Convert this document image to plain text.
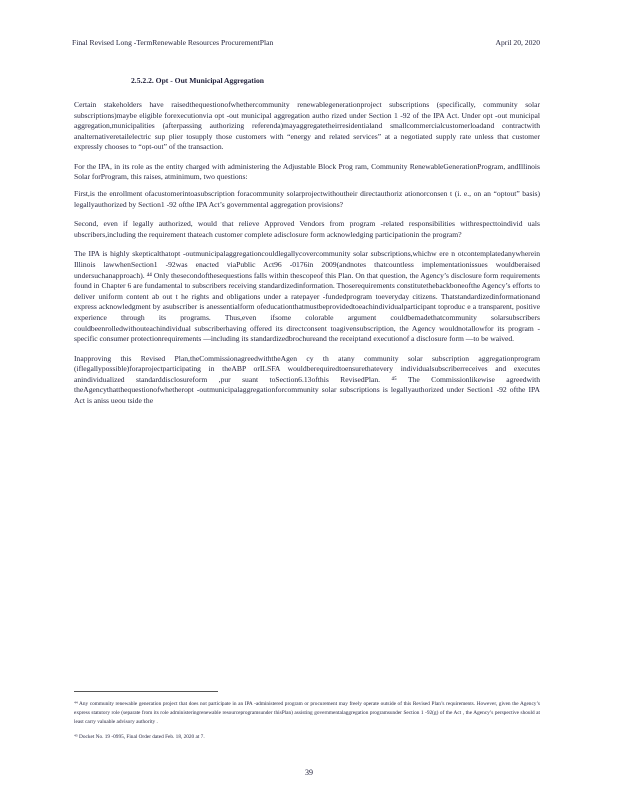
Final Revised Long -TermRenewable Resources ProcurementPlan	April 20, 2020
2.5.2.2. Opt - Out Municipal Aggregation

Certain stakeholders have raisedthequestionofwhethercommunity renewablegenerationproject subscriptions (specifically, community solar subscriptions)maybe eligible forexecutionvia opt -out municipal aggregation autho rized under Section 1 -92 of the IPA Act. Under opt -out municipal aggregation,municipalities (afterpassing authorizing referenda)mayaggregatetheirresidentialand smallcommercialcustomerloadand contractwith analternativeretailelectric sup plier tosupply those customers with “energy and related services” at a negotiated supply rate unless that customer expressly chooses to “opt-out” of the transaction.

For the IPA, in its role as the entity charged with administering the Adjustable Block Prog ram, Community RenewableGenerationProgram, andIllinois Solar forProgram, this raises, atminimum, two questions:

First,is the enrollment ofacustomerintoasubscription foracommunity solarprojectwithoutheir directauthoriz ationorconsen t (i. e., on an “optout” basis) legallyauthorized by Section1 -92 ofthe IPA Act’s governmental aggregation provisions?

Second, even if legally authorized, would that relieve Approved Vendors from program -related responsibilities withrespecttoindivid uals ubscribers,including the requirement thateach customer complete adisclosure form acknowledging participationin the program?

The IPA is highly skepticalthatopt -outmunicipalaggregationcouldlegallycovercommunity solar subscriptions,whichw ere n otcontemplatedanywherein Illinois lawwhenSection1 -92was enacted viaPublic Act96 -0176in 2009(andnotes thatcountless implementationissues wouldberaised undersuchanapproach). ⁴⁴ Only thesecondofthesequestions falls within thescopeof this Plan. On that question, the Agency’s disclosure form requirements found in Chapter 6 are fundamental to subscribers receiving standardizedinformation. Thoserequirements constitutethebackboneofthe Agency’s efforts to deliver uniform content ab out t he rights and obligations under a ratepayer -fundedprogram toeveryday citizens. Thatstandardizedinformationand express acknowledgment by asubscriber is anessentialform ofeducationthatmustbeprovidedtoeachindividualparticipant toproduc e a transparent, positive experience through its programs. Thus,even ifsome colorable argument couldbemadethatcommunity solarsubscribers couldbeenrolledwithouteachindividual subscriberhaving offered its directconsent toagivensubscription, the Agency wouldnotallowfor its program -specific consumer protectionrequirements —including its standardizedbrochureand the receiptand executionof a disclosure form —to be waived.

Inapproving this Revised Plan,theCommissionagreedwiththeAgen cy th atany community solar subscription aggregationprogram (iflegallypossible)foraprojectparticipating in theABP orILSFA wouldberequiredtoensurethatevery individualsubscriberreceives and executes anindividualized standarddisclosureform ,pur suant toSection6.13ofthis RevisedPlan. ⁴⁵ The Commissionlikewise agreedwith theAgencythatthequestionofwhetheropt -outmunicipalaggregationforcommunity solar subscriptions is legallyauthorized under Section1 -92 ofthe IPA Act is aniss ueou tside the

⁴⁴ Any community renewable generation project that does not participate in an IPA -administered program or procurement may freely operate outside of this Revised Plan’s requirements. However, given the Agency’s express statutory role (separate from its role administeringrenewable resourceprogramsunder thisPlan) assisting governmentalaggregation programsunder Section 1 -92(g) of the Act , the Agency’s perspective should at least carry valuable advisory authority .

⁴⁵ Docket No. 19 -0995, Final Order dated Feb. 18, 2020 at 7.

39
